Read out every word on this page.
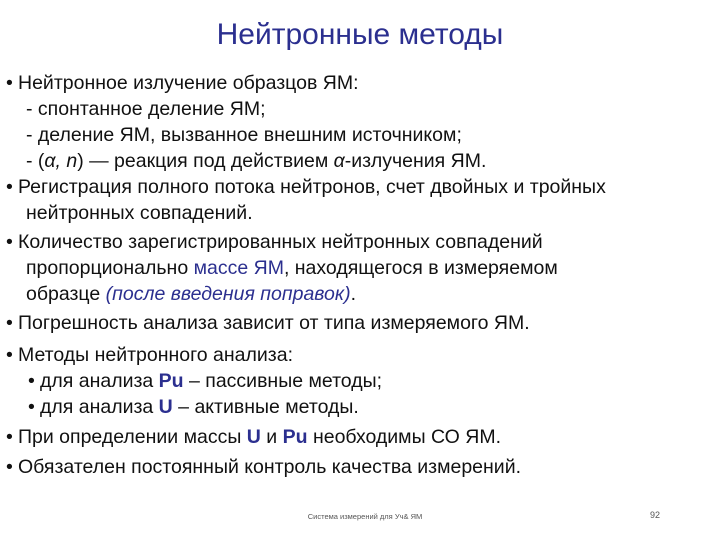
Нейтронные методы
• Нейтронное излучение образцов ЯМ:
- спонтанное деление ЯМ;
- деление ЯМ, вызванное внешним источником;
- (α, n) — реакция под действием α-излучения ЯМ.
• Регистрация полного потока нейтронов, счет двойных и тройных
нейтронных совпадений.
• Количество зарегистрированных нейтронных совпадений
пропорционально массе ЯМ, находящегося в измеряемом
образце (после введения поправок).
• Погрешность анализа зависит от типа измеряемого ЯМ.
• Методы нейтронного анализа:
• для анализа Pu – пассивные методы;
• для анализа U – активные методы.
• При определении массы U и Pu необходимы СО ЯМ.
• Обязателен постоянный контроль качества измерений.
Система измерений для Уч& ЯМ	92
